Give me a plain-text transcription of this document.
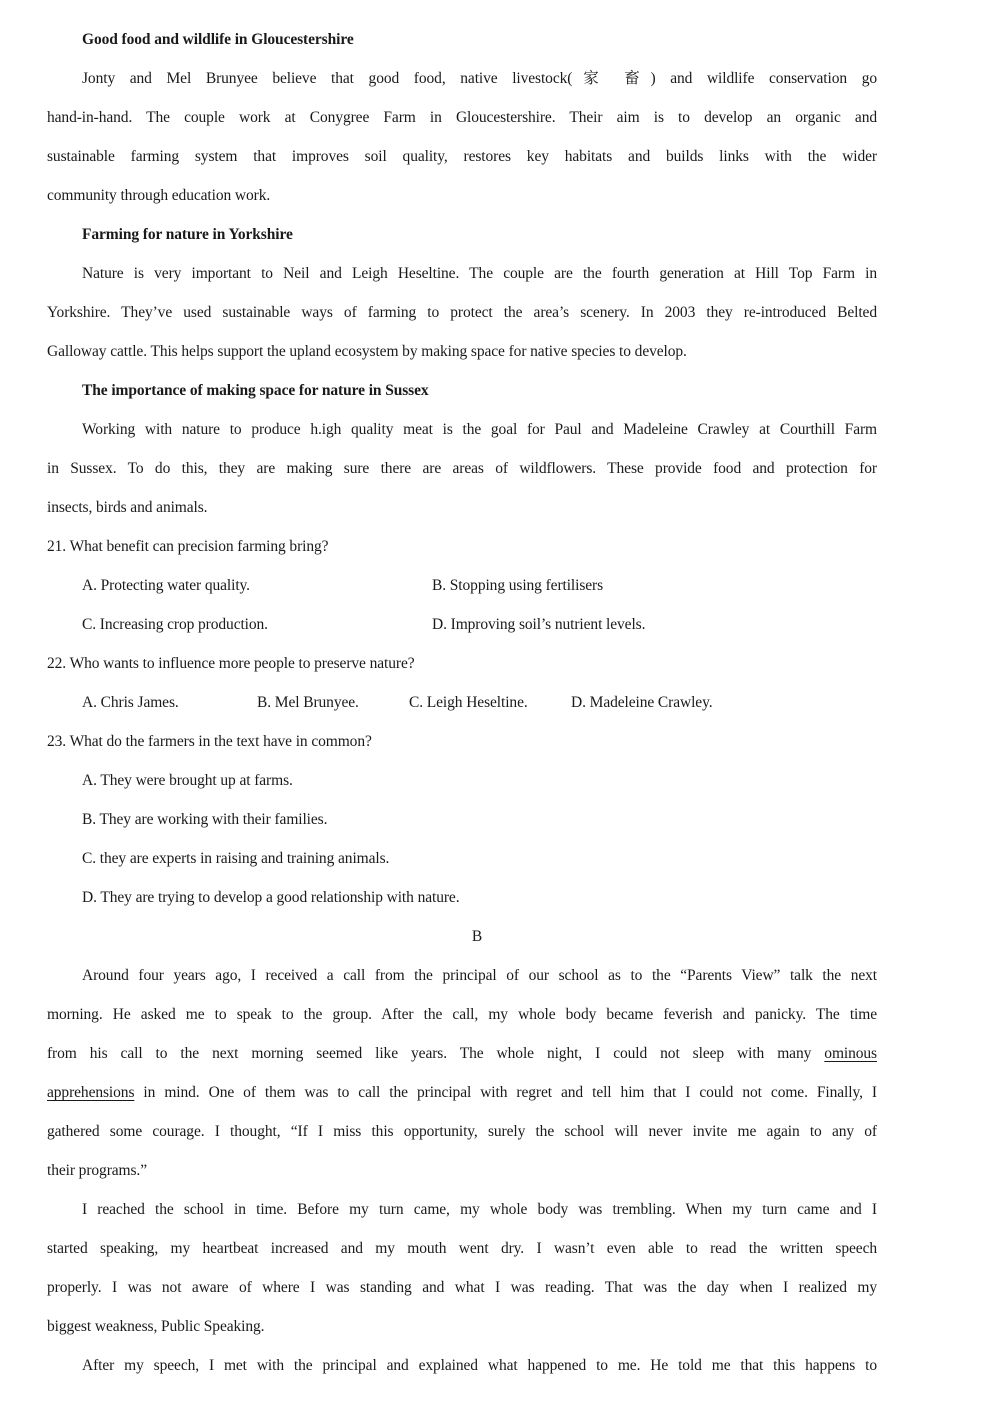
Good food and wildlife in Gloucestershire
Jonty and Mel Brunyee believe that good food, native livestock(家 畜) and wildlife conservation go
hand-in-hand. The couple work at Conygree Farm in Gloucestershire. Their aim is to develop an organic and
sustainable farming system that improves soil quality, restores key habitats and builds links with the wider
community through education work.
Farming for nature in Yorkshire
Nature is very important to Neil and Leigh Heseltine. The couple are the fourth generation at Hill Top Farm in
Yorkshire. They’ve used sustainable ways of farming to protect the area’s scenery. In 2003 they re-introduced Belted
Galloway cattle. This helps support the upland ecosystem by making space for native species to develop.
The importance of making space for nature in Sussex
Working with nature to produce h.igh quality meat is the goal for Paul and Madeleine Crawley at Courthill Farm
in Sussex. To do this, they are making sure there are areas of wildflowers. These provide food and protection for
insects, birds and animals.
21. What benefit can precision farming bring?
A. Protecting water quality.	B. Stopping using fertilisers
C. Increasing crop production.	D. Improving soil’s nutrient levels.
22. Who wants to influence more people to preserve nature?
A. Chris James.	B. Mel Brunyee.	C. Leigh Heseltine.	D. Madeleine Crawley.
23. What do the farmers in the text have in common?
A. They were brought up at farms.
B. They are working with their families.
C. they are experts in raising and training animals.
D. They are trying to develop a good relationship with nature.
B
Around four years ago, I received a call from the principal of our school as to the “Parents View” talk the next
morning. He asked me to speak to the group. After the call, my whole body became feverish and panicky. The time
from his call to the next morning seemed like years. The whole night, I could not sleep with many ominous
apprehensions in mind. One of them was to call the principal with regret and tell him that I could not come. Finally, I
gathered some courage. I thought, “If I miss this opportunity, surely the school will never invite me again to any of
their programs.”
I reached the school in time. Before my turn came, my whole body was trembling. When my turn came and I
started speaking, my heartbeat increased and my mouth went dry. I wasn’t even able to read the written speech
properly. I was not aware of where I was standing and what I was reading. That was the day when I realized my
biggest weakness, Public Speaking.
After my speech, I met with the principal and explained what happened to me. He told me that this happens to
